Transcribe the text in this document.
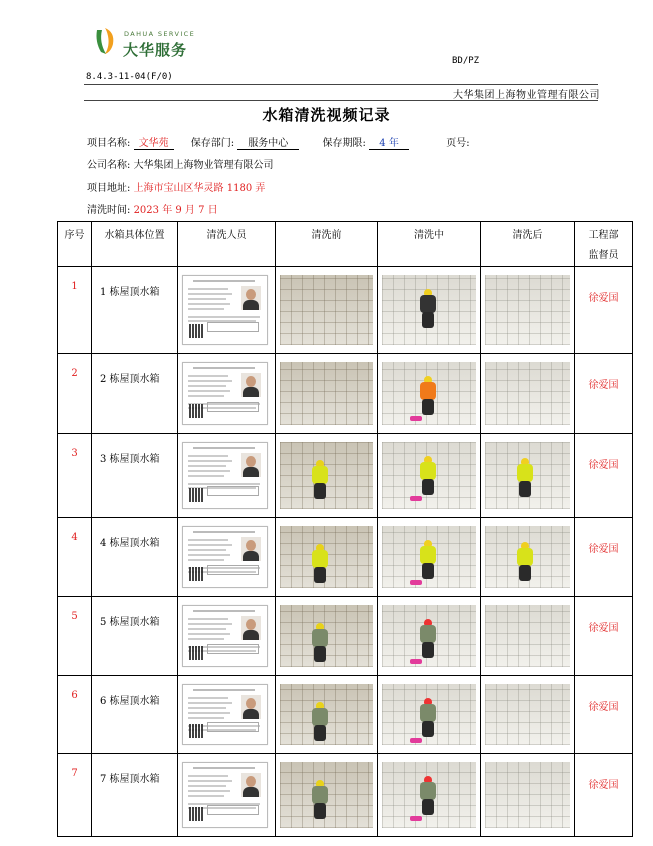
DAHUA SERVICE
大华服务
BD/PZ
8.4.3-11-04(F/0)
大华集团上海物业管理有限公司
水箱清洗视频记录
项目名称: 文华苑 保存部门: 服务中心	保存期限: 4 年	页号:
公司名称: 大华集团上海物业管理有限公司
项目地址: 上海市宝山区华灵路 1180 弄
清洗时间: 2023 年 9 月 7 日
序号	水箱具体位置	清洗人员	清洗前	清洗中	清洗后	工程部
监督员

1	1 栋屋顶水箱					徐爱国
2	2 栋屋顶水箱					徐爱国
3	3 栋屋顶水箱					徐爱国
4	4 栋屋顶水箱					徐爱国
5	5 栋屋顶水箱					徐爱国
6	6 栋屋顶水箱					徐爱国
7	7 栋屋顶水箱					徐爱国
